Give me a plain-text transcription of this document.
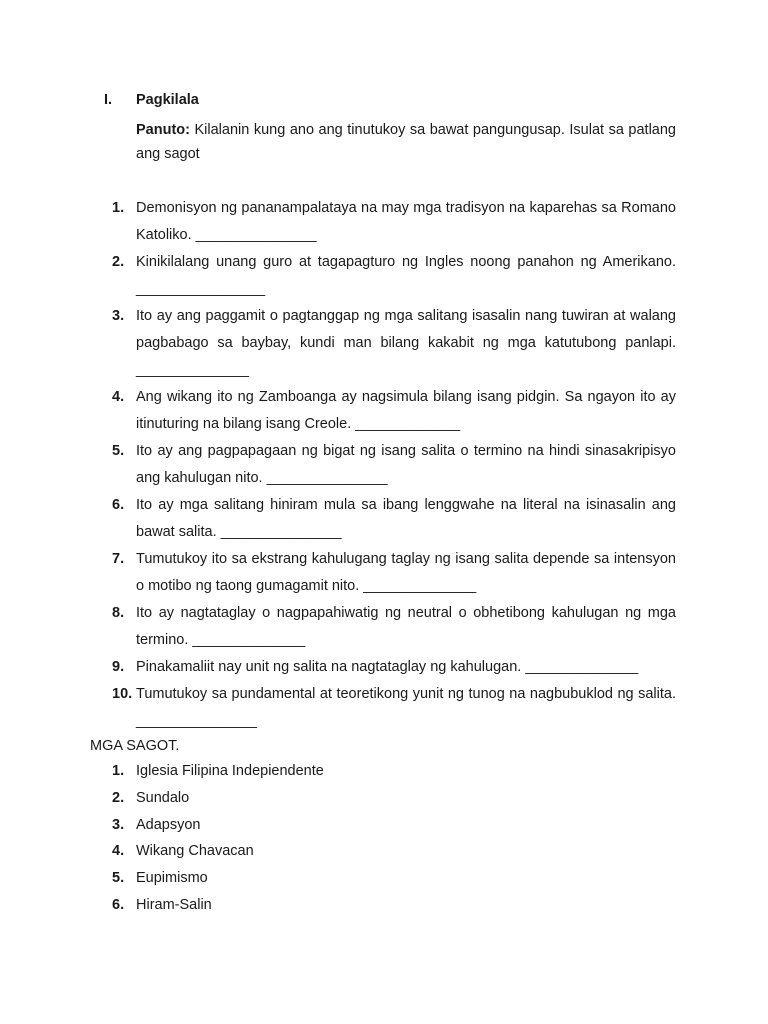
I. Pagkilala
Panuto: Kilalanin kung ano ang tinutukoy sa bawat pangungusap. Isulat sa patlang ang sagot
1. Demonisyon ng pananampalataya na may mga tradisyon na kaparehas sa Romano Katoliko. _______________
2. Kinikilalang unang guro at tagapagturo ng Ingles noong panahon ng Amerikano. ________________
3. Ito ay ang paggamit o pagtanggap ng mga salitang isasalin nang tuwiran at walang pagbabago sa baybay, kundi man bilang kakabit ng mga katutubong panlapi. ______________
4. Ang wikang ito ng Zamboanga ay nagsimula bilang isang pidgin. Sa ngayon ito ay itinuturing na bilang isang Creole. _____________
5. Ito ay ang pagpapagaan ng bigat ng isang salita o termino na hindi sinasakripisyo ang kahulugan nito. _______________
6. Ito ay mga salitang hiniram mula sa ibang lenggwahe na literal na isinasalin ang bawat salita. _______________
7. Tumutukoy ito sa ekstrang kahulugang taglay ng isang salita depende sa intensyon o motibo ng taong gumagamit nito. ______________
8. Ito ay nagtataglay o nagpapahiwatig ng neutral o obhetibong kahulugan ng mga termino. ______________
9. Pinakamaliit nay unit ng salita na nagtataglay ng kahulugan. ______________
10. Tumutukoy sa pundamental at teoretikong yunit ng tunog na nagbubuklod ng salita. _______________
MGA SAGOT.
1. Iglesia Filipina Indepiendente
2. Sundalo
3. Adapsyon
4. Wikang Chavacan
5. Eupimismo
6. Hiram-Salin
